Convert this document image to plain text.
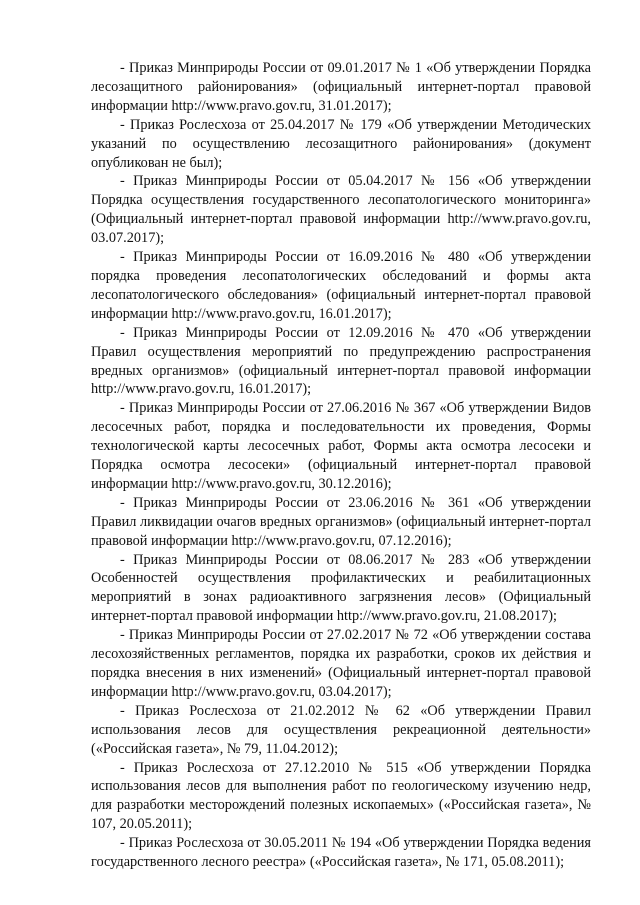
- Приказ Минприроды России от 09.01.2017 № 1 «Об утверждении Порядка лесозащитного районирования» (официальный интернет-портал правовой информации http://www.pravo.gov.ru, 31.01.2017);

- Приказ Рослесхоза от 25.04.2017 № 179 «Об утверждении Методических указаний по осуществлению лесозащитного районирования» (документ опубликован не был);

- Приказ Минприроды России от 05.04.2017 № 156 «Об утверждении Порядка осуществления государственного лесопатологического мониторинга» (Официальный интернет-портал правовой информации http://www.pravo.gov.ru, 03.07.2017);

- Приказ Минприроды России от 16.09.2016 № 480 «Об утверждении порядка проведения лесопатологических обследований и формы акта лесопатологического обследования» (официальный интернет-портал правовой информации http://www.pravo.gov.ru, 16.01.2017);

- Приказ Минприроды России от 12.09.2016 № 470 «Об утверждении Правил осуществления мероприятий по предупреждению распространения вредных организмов» (официальный интернет-портал правовой информации http://www.pravo.gov.ru, 16.01.2017);

- Приказ Минприроды России от 27.06.2016 № 367 «Об утверждении Видов лесосечных работ, порядка и последовательности их проведения, Формы технологической карты лесосечных работ, Формы акта осмотра лесосеки и Порядка осмотра лесосеки» (официальный интернет-портал правовой информации http://www.pravo.gov.ru, 30.12.2016);

- Приказ Минприроды России от 23.06.2016 № 361 «Об утверждении Правил ликвидации очагов вредных организмов» (официальный интернет-портал правовой информации http://www.pravo.gov.ru, 07.12.2016);

- Приказ Минприроды России от 08.06.2017 № 283 «Об утверждении Особенностей осуществления профилактических и реабилитационных мероприятий в зонах радиоактивного загрязнения лесов» (Официальный интернет-портал правовой информации http://www.pravo.gov.ru, 21.08.2017);

- Приказ Минприроды России от 27.02.2017 № 72 «Об утверждении состава лесохозяйственных регламентов, порядка их разработки, сроков их действия и порядка внесения в них изменений» (Официальный интернет-портал правовой информации http://www.pravo.gov.ru, 03.04.2017);

- Приказ Рослесхоза от 21.02.2012 № 62 «Об утверждении Правил использования лесов для осуществления рекреационной деятельности» («Российская газета», № 79, 11.04.2012);

- Приказ Рослесхоза от 27.12.2010 № 515 «Об утверждении Порядка использования лесов для выполнения работ по геологическому изучению недр, для разработки месторождений полезных ископаемых» («Российская газета», № 107, 20.05.2011);

- Приказ Рослесхоза от 30.05.2011 № 194 «Об утверждении Порядка ведения государственного лесного реестра» («Российская газета», № 171, 05.08.2011);
